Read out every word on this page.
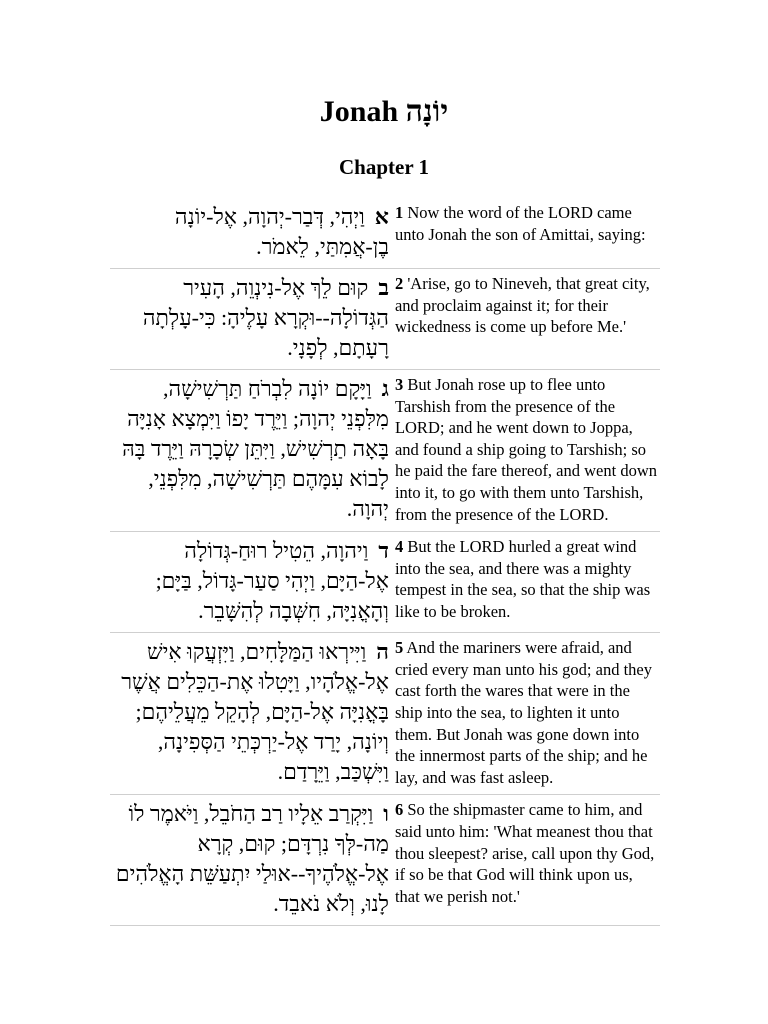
Jonah יוֹנָה
Chapter 1
אוַיְהִי, דְּבַר-יְהוָה, אֶל-יוֹנָה בֶן-אֲמִתַּי, לֵאמֹר.
1 Now the word of the LORD came unto Jonah the son of Amittai, saying:
בקוּם לֵךְ אֶל-נִינְוֵה, הָעִיר הַגְּדוֹלָה--וּקְרָא עָלֶיהָ: כִּי-עָלְתָה רָעָתָם, לְפָנָי.
2 'Arise, go to Nineveh, that great city, and proclaim against it; for their wickedness is come up before Me.'
גוַיָּקָם יוֹנָה לִבְרֹחַ תַּרְשִׁישָׁה, מִלִּפְנֵי יְהוָה; וַיֵּרֶד יָפוֹ וַיִּמְצָא אָנִיָּה בָּאָה תַרְשִׁישׁ, וַיִּתֵּן שְׂכָרָהּ וַיֵּרֶד בָּהּ לָבוֹא עִמָּהֶם תַּרְשִׁישָׁה, מִלִּפְנֵי, יְהוָה.
3 But Jonah rose up to flee unto Tarshish from the presence of the LORD; and he went down to Joppa, and found a ship going to Tarshish; so he paid the fare thereof, and went down into it, to go with them unto Tarshish, from the presence of the LORD.
דוַיהוָה, הֵטִיל רוּחַ-גְּדוֹלָה אֶל-הַיָּם, וַיְהִי סַעַר-גָּדוֹל, בַּיָּם; וְהָאֳנִיָּה, חִשְּׁבָה לְהִשָּׁבֵר.
4 But the LORD hurled a great wind into the sea, and there was a mighty tempest in the sea, so that the ship was like to be broken.
הוַיִּירְאוּ הַמַּלָּחִים, וַיִּזְעֲקוּ אִישׁ אֶל-אֱלֹהָיו, וַיָּטִלוּ אֶת-הַכֵּלִים אֲשֶׁר בָּאֳנִיָּה אֶל-הַיָּם, לְהָקֵל מֵעֲלֵיהֶם; וְיוֹנָה, יָרַד אֶל-יַרְכְּתֵי הַסְּפִינָה, וַיִּשְׁכַּב, וַיֵּרָדַם.
5 And the mariners were afraid, and cried every man unto his god; and they cast forth the wares that were in the ship into the sea, to lighten it unto them. But Jonah was gone down into the innermost parts of the ship; and he lay, and was fast asleep.
ווַיִּקְרַב אֵלָיו רַב הַחֹבֵל, וַיֹּאמֶר לוֹ מַה-לְּךָ נִרְדָּם; קוּם, קְרָא אֶל-אֱלֹהֶיךָ--אוּלַי יִתְעַשֵּׁת הָאֱלֹהִים לָנוּ, וְלֹא נֹאבֵד.
6 So the shipmaster came to him, and said unto him: 'What meanest thou that thou sleepest? arise, call upon thy God, if so be that God will think upon us, that we perish not.'
